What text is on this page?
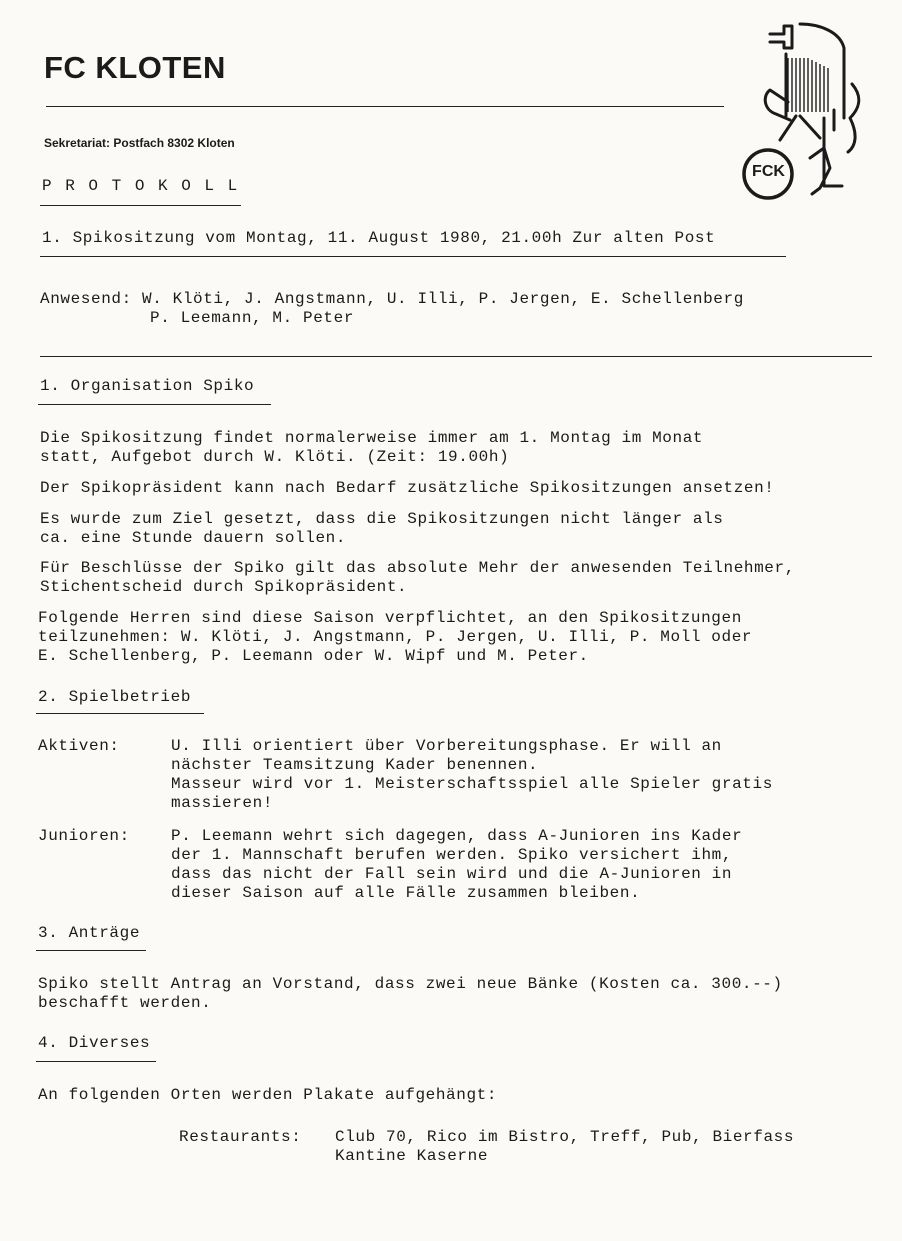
FC KLOTEN
Sekretariat: Postfach 8302 Kloten
FCK
P R O T O K O L L
1. Spikositzung vom Montag, 11. August 1980, 21.00h Zur alten Post
Anwesend: W. Klöti, J. Angstmann, U. Illi, P. Jergen, E. Schellenberg
P. Leemann, M. Peter
1. Organisation Spiko
Die Spikositzung findet normalerweise immer am 1. Montag im Monat
statt, Aufgebot durch W. Klöti. (Zeit: 19.00h)
Der Spikopräsident kann nach Bedarf zusätzliche Spikositzungen ansetzen!
Es wurde zum Ziel gesetzt, dass die Spikositzungen nicht länger als
ca. eine Stunde dauern sollen.
Für Beschlüsse der Spiko gilt das absolute Mehr der anwesenden Teilnehmer,
Stichentscheid durch Spikopräsident.
Folgende Herren sind diese Saison verpflichtet, an den Spikositzungen
teilzunehmen: W. Klöti, J. Angstmann, P. Jergen, U. Illi, P. Moll oder
E. Schellenberg, P. Leemann oder W. Wipf und M. Peter.
2. Spielbetrieb
Aktiven:	U. Illi orientiert über Vorbereitungsphase. Er will an
nächster Teamsitzung Kader benennen.
Masseur wird vor 1. Meisterschaftsspiel alle Spieler gratis
massieren!
Junioren:	P. Leemann wehrt sich dagegen, dass A-Junioren ins Kader
der 1. Mannschaft berufen werden. Spiko versichert ihm,
dass das nicht der Fall sein wird und die A-Junioren in
dieser Saison auf alle Fälle zusammen bleiben.
3. Anträge
Spiko stellt Antrag an Vorstand, dass zwei neue Bänke (Kosten ca. 300.--)
beschafft werden.
4. Diverses
An folgenden Orten werden Plakate aufgehängt:
Restaurants: Club 70, Rico im Bistro, Treff, Pub, Bierfass
Kantine Kaserne
